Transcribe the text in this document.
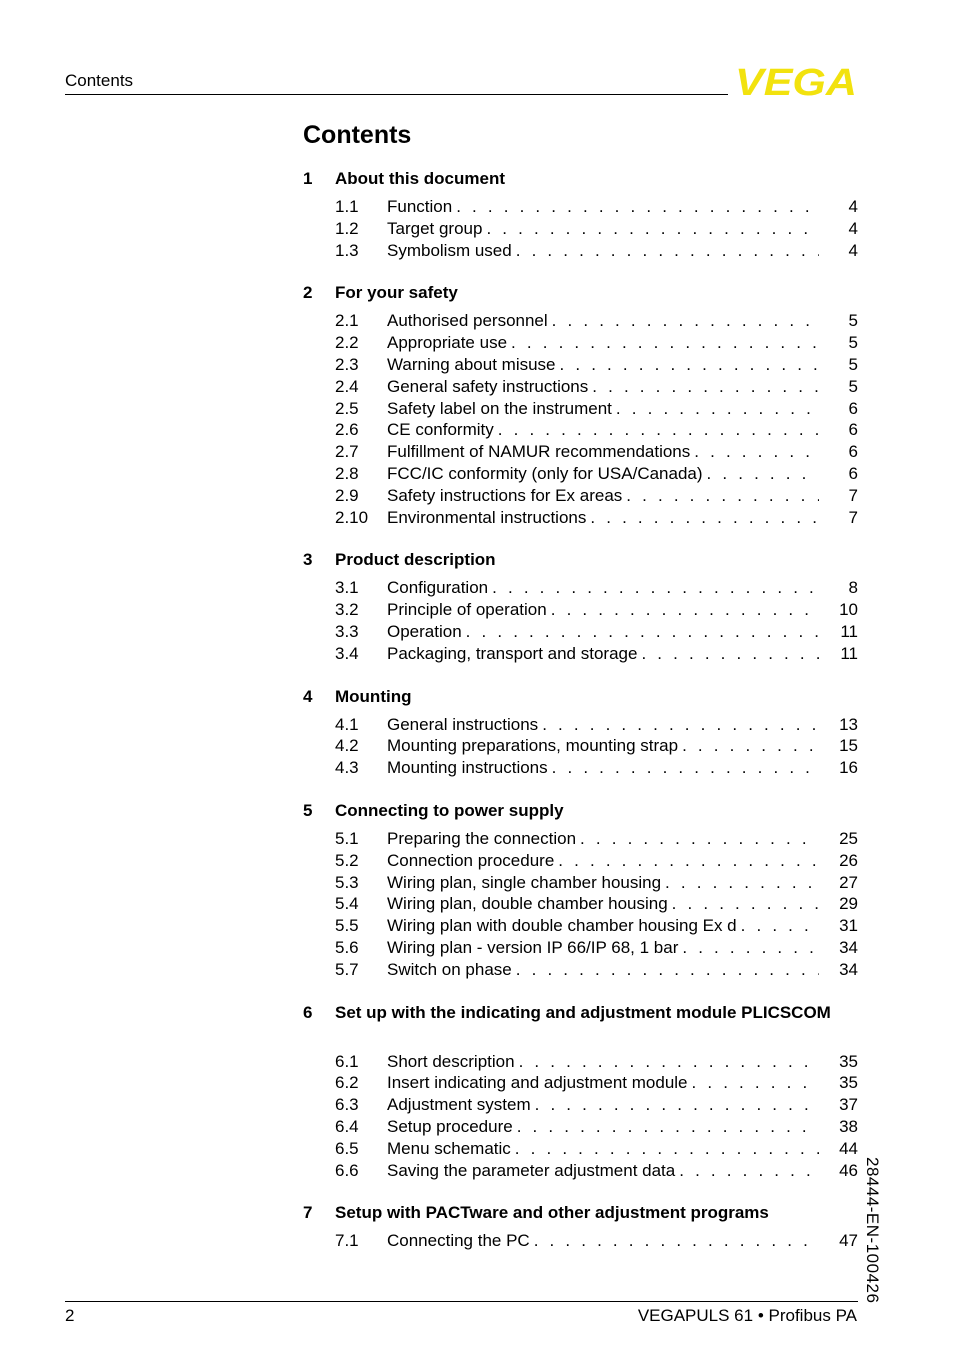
Contents	VEGA
Contents
1	About this document
1.1	Function . . .	4
1.2	Target group . . .	4
1.3	Symbolism used . . .	4
2	For your safety
2.1	Authorised personnel . . .	5
2.2	Appropriate use . . .	5
2.3	Warning about misuse . . .	5
2.4	General safety instructions . . .	5
2.5	Safety label on the instrument . . .	6
2.6	CE conformity . . .	6
2.7	Fulfillment of NAMUR recommendations . . .	6
2.8	FCC/IC conformity (only for USA/Canada) . . .	6
2.9	Safety instructions for Ex areas . . .	7
2.10	Environmental instructions . . .	7
3	Product description
3.1	Configuration . . .	8
3.2	Principle of operation . . .	10
3.3	Operation . . .	11
3.4	Packaging, transport and storage . . .	11
4	Mounting
4.1	General instructions . . .	13
4.2	Mounting preparations, mounting strap . . .	15
4.3	Mounting instructions . . .	16
5	Connecting to power supply
5.1	Preparing the connection . . .	25
5.2	Connection procedure . . .	26
5.3	Wiring plan, single chamber housing . . .	27
5.4	Wiring plan, double chamber housing . . .	29
5.5	Wiring plan with double chamber housing Ex d . . .	31
5.6	Wiring plan - version IP 66/IP 68, 1 bar . . .	34
5.7	Switch on phase . . .	34
6	Set up with the indicating and adjustment module PLICSCOM
6.1	Short description . . .	35
6.2	Insert indicating and adjustment module . . .	35
6.3	Adjustment system . . .	37
6.4	Setup procedure . . .	38
6.5	Menu schematic . . .	44
6.6	Saving the parameter adjustment data . . .	46
7	Setup with PACTware and other adjustment programs
7.1	Connecting the PC . . .	47
2	VEGAPULS 61 • Profibus PA
28444-EN-100426
